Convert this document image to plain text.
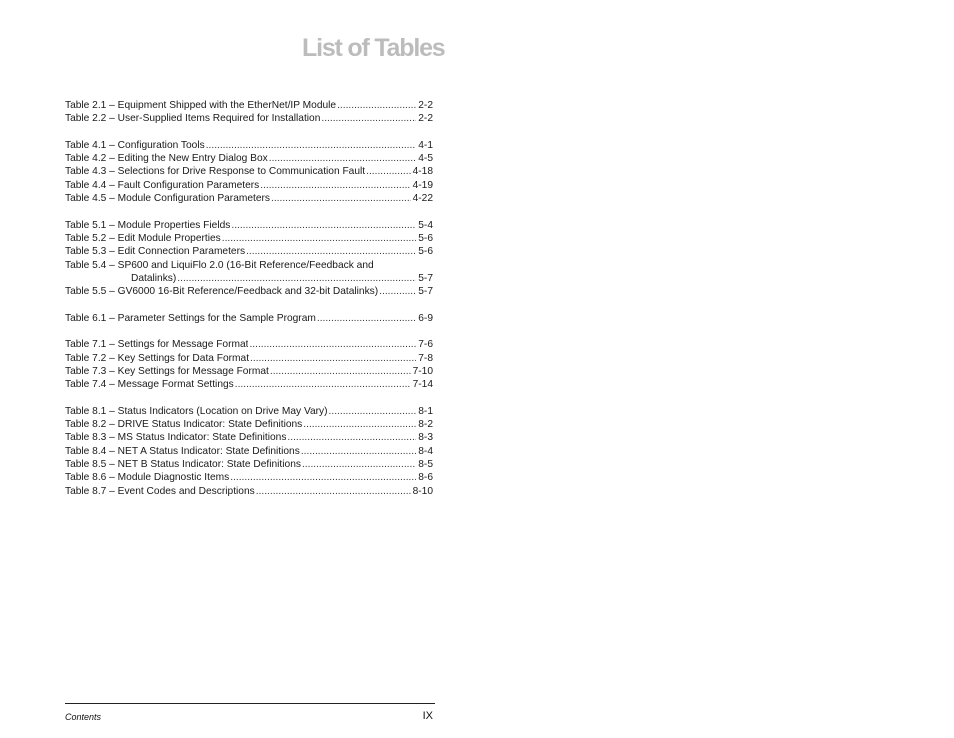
List of Tables
Table 2.1 – Equipment Shipped with the EtherNet/IP Module .....	2-2
Table 2.2 – User-Supplied Items Required for Installation .....	2-2
Table 4.1 – Configuration Tools .....	4-1
Table 4.2 – Editing the New Entry Dialog Box .....	4-5
Table 4.3 – Selections for Drive Response to Communication Fault .....	4-18
Table 4.4 – Fault Configuration Parameters .....	4-19
Table 4.5 – Module Configuration Parameters .....	4-22
Table 5.1 – Module Properties Fields .....	5-4
Table 5.2 – Edit Module Properties .....	5-6
Table 5.3 – Edit Connection Parameters .....	5-6
Table 5.4 – SP600 and LiquiFlo 2.0 (16-Bit Reference/Feedback and
Datalinks) .....	5-7
Table 5.5 – GV6000 16-Bit Reference/Feedback and 32-bit Datalinks) .....	5-7
Table 6.1 – Parameter Settings for the Sample Program .....	6-9
Table 7.1 – Settings for Message Format .....	7-6
Table 7.2 – Key Settings for Data Format .....	7-8
Table 7.3 – Key Settings for Message Format .....	7-10
Table 7.4 – Message Format Settings .....	7-14
Table 8.1 – Status Indicators (Location on Drive May Vary) .....	8-1
Table 8.2 – DRIVE Status Indicator: State Definitions .....	8-2
Table 8.3 – MS Status Indicator: State Definitions .....	8-3
Table 8.4 – NET A Status Indicator: State Definitions .....	8-4
Table 8.5 – NET B Status Indicator: State Definitions .....	8-5
Table 8.6 – Module Diagnostic Items .....	8-6
Table 8.7 – Event Codes and Descriptions .....	8-10
Contents	IX
